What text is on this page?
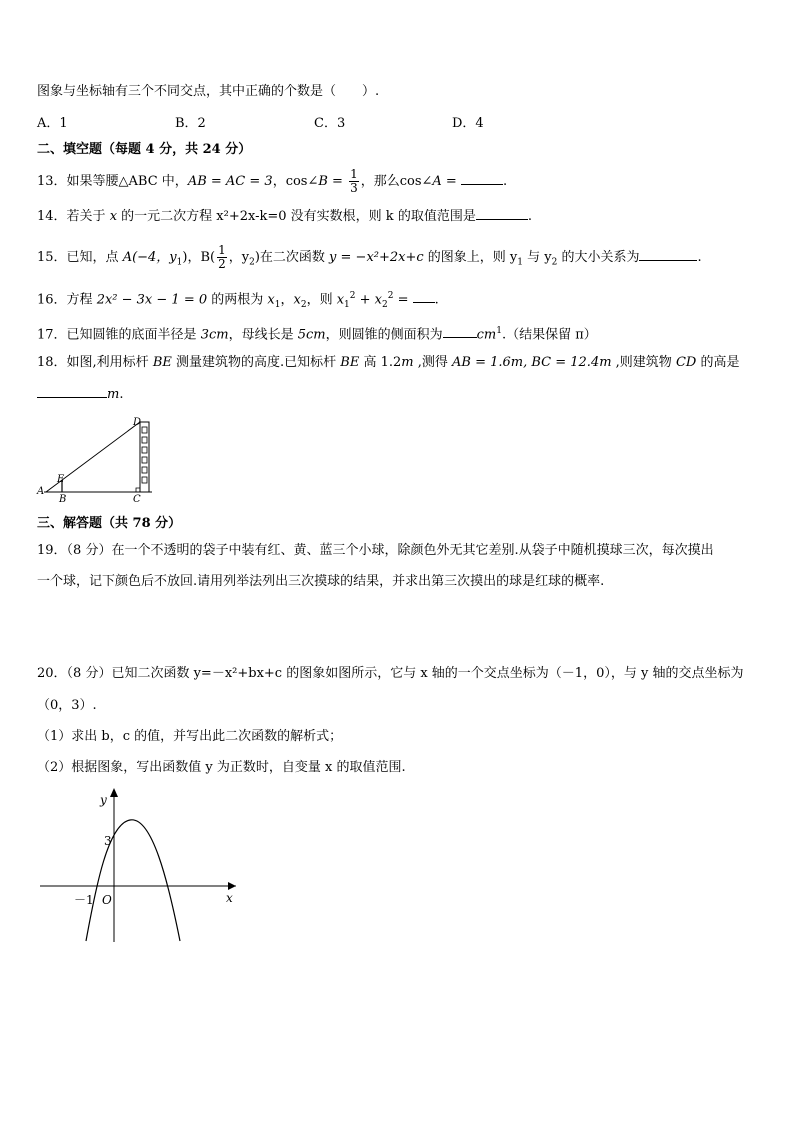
图象与坐标轴有三个不同交点，其中正确的个数是（　　）.
A．1	B．2	C．3	D．4
二、填空题（每题 4 分，共 24 分）
13．如果等腰△ABC 中，AB = AC = 3，cos∠B = $\frac{1}{3}$ ，那么cos∠A =	.
14．若关于 x 的一元二次方程 x²+2x-k=0 没有实数根，则 k 的取值范围是	.
15．已知，点 A(−4，$y_1$)，$B( \frac{1}{2}$ ，$y_2$)在二次函数 y = −x²+2x+c 的图象上，则 $y_1$ 与 $y_2$ 的大小关系为	.
16．方程 2x² − 3x − 1 = 0 的两根为 $x_1$，$x_2$，则 $x_1^2 + x_2^2$ = .
17．已知圆锥的底面半径是 3cm，母线长是 5cm，则圆锥的侧面积为	$cm^1$.（结果保留 π）
18．如图,利用标杆 BE 测量建筑物的高度.已知标杆 BE 高 1.2m ,测得 AB = 1.6m, BC = 12.4m ,则建筑物 CD 的高是
m.
D
E
A
B	C
三、解答题（共 78 分）
19．（8 分）在一个不透明的袋子中装有红、黄、蓝三个小球，除颜色外无其它差别.从袋子中随机摸球三次，每次摸出
一个球，记下颜色后不放回.请用列举法列出三次摸球的结果，并求出第三次摸出的球是红球的概率.
20．（8 分）已知二次函数 y=－x²+bx+c 的图象如图所示，它与 x 轴的一个交点坐标为（－1，0），与 y 轴的交点坐标为
（0，3）.
（1）求出 b，c 的值，并写出此二次函数的解析式；
（2）根据图象，写出函数值 y 为正数时，自变量 x 的取值范围.
y
x
3
－1 O
